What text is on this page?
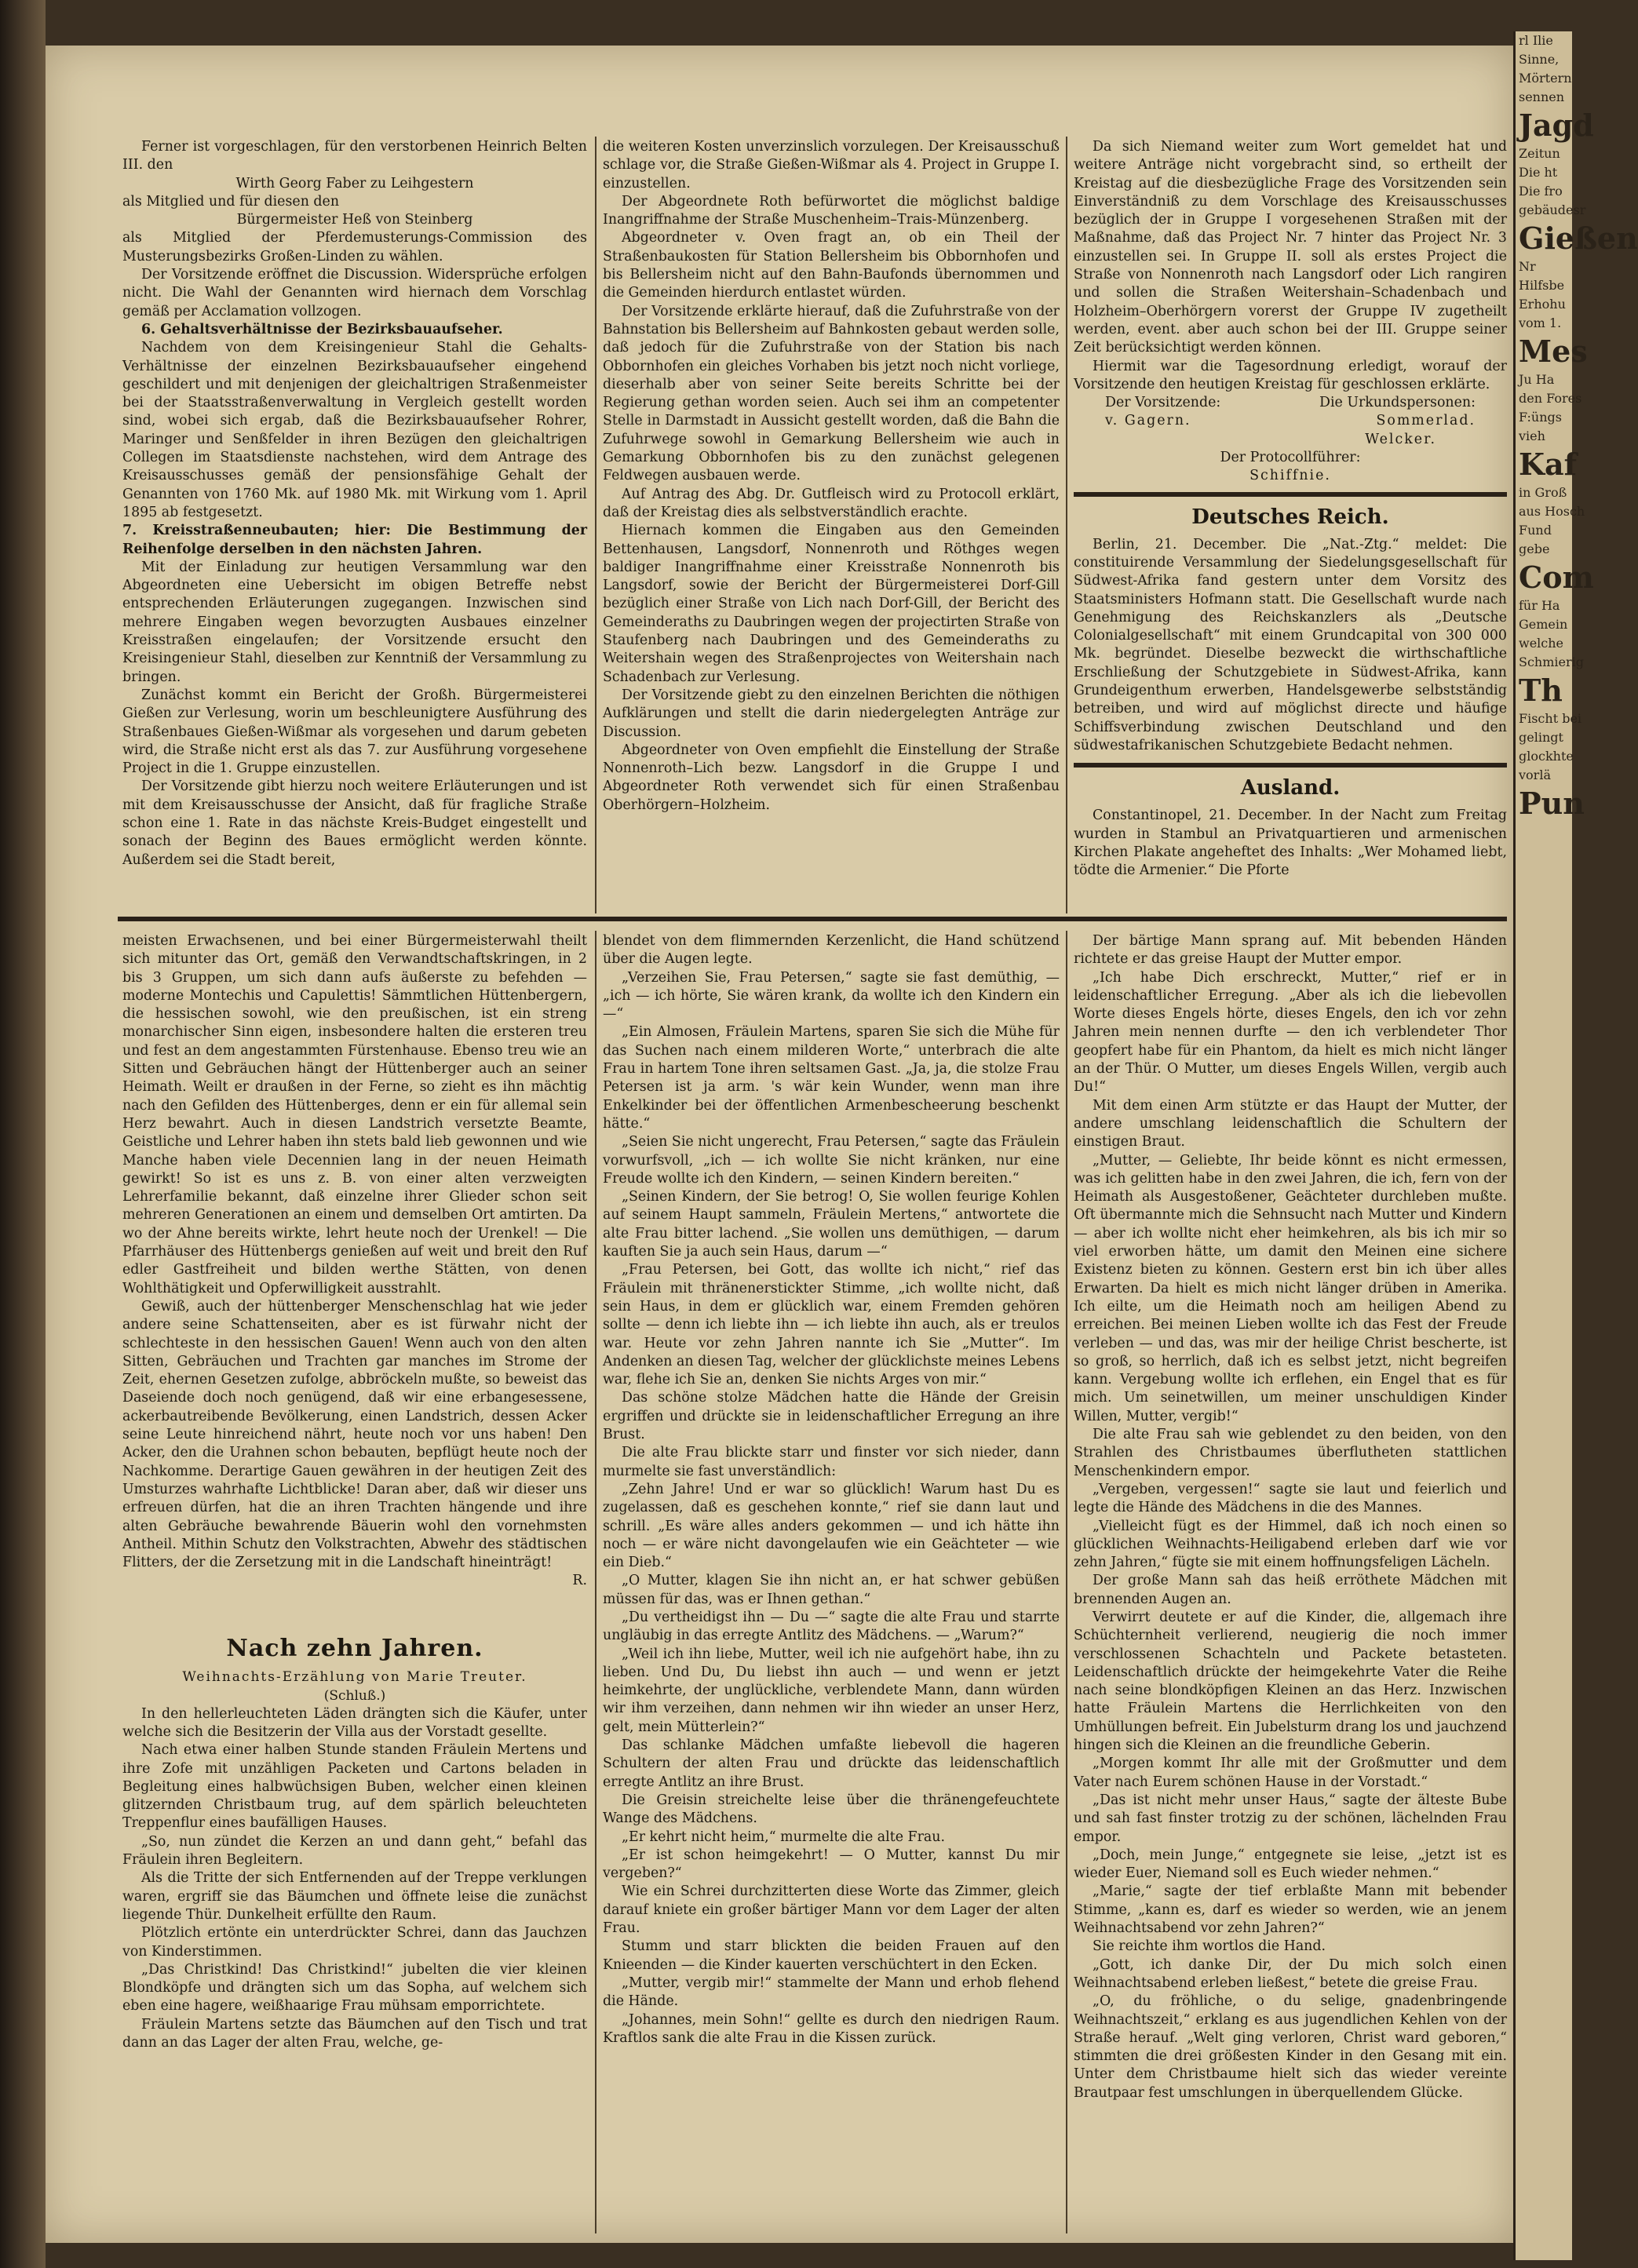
Ferner ist vorgeschlagen, für den verstorbenen Heinrich Belten III. den

Wirth Georg Faber zu Leihgestern

als Mitglied und für diesen den

Bürgermeister Heß von Steinberg

als Mitglied der Pferdemusterungs-Commission des Musterungsbezirks Großen-Linden zu wählen.

Der Vorsitzende eröffnet die Discussion. Widersprüche erfolgen nicht. Die Wahl der Genannten wird hiernach dem Vorschlag gemäß per Acclamation vollzogen.

6. Gehaltsverhältnisse der Bezirksbauaufseher.

Nachdem von dem Kreisingenieur Stahl die Gehalts-Verhältnisse der einzelnen Bezirksbauaufseher eingehend geschildert und mit denjenigen der gleichaltrigen Straßenmeister bei der Staatsstraßenverwaltung in Vergleich gestellt worden sind, wobei sich ergab, daß die Bezirksbauaufseher Rohrer, Maringer und Senßfelder in ihren Bezügen den gleichaltrigen Collegen im Staatsdienste nachstehen, wird dem Antrage des Kreisausschusses gemäß der pensionsfähige Gehalt der Genannten von 1760 Mk. auf 1980 Mk. mit Wirkung vom 1. April 1895 ab festgesetzt.

7. Kreisstraßenneubauten; hier: Die Bestimmung der Reihenfolge derselben in den nächsten Jahren.

Mit der Einladung zur heutigen Versammlung war den Abgeordneten eine Uebersicht im obigen Betreffe nebst entsprechenden Erläuterungen zugegangen. Inzwischen sind mehrere Eingaben wegen bevorzugten Ausbaues einzelner Kreisstraßen eingelaufen; der Vorsitzende ersucht den Kreisingenieur Stahl, dieselben zur Kenntniß der Versammlung zu bringen.

Zunächst kommt ein Bericht der Großh. Bürgermeisterei Gießen zur Verlesung, worin um beschleunigtere Ausführung des Straßenbaues Gießen-Wißmar als vorgesehen und darum gebeten wird, die Straße nicht erst als das 7. zur Ausführung vorgesehene Project in die 1. Gruppe einzustellen.

Der Vorsitzende gibt hierzu noch weitere Erläuterungen und ist mit dem Kreisausschusse der Ansicht, daß für fragliche Straße schon eine 1. Rate in das nächste Kreis-Budget eingestellt und sonach der Beginn des Baues ermöglicht werden könnte. Außerdem sei die Stadt bereit,

die weiteren Kosten unverzinslich vorzulegen. Der Kreisausschuß schlage vor, die Straße Gießen-Wißmar als 4. Project in Gruppe I. einzustellen.

Der Abgeordnete Roth befürwortet die möglichst baldige Inangriffnahme der Straße Muschenheim–Trais-Münzenberg.

Abgeordneter v. Oven fragt an, ob ein Theil der Straßenbaukosten für Station Bellersheim bis Obbornhofen und bis Bellersheim nicht auf den Bahn-Baufonds übernommen und die Gemeinden hierdurch entlastet würden.

Der Vorsitzende erklärte hierauf, daß die Zufuhrstraße von der Bahnstation bis Bellersheim auf Bahnkosten gebaut werden solle, daß jedoch für die Zufuhrstraße von der Station bis nach Obbornhofen ein gleiches Vorhaben bis jetzt noch nicht vorliege, dieserhalb aber von seiner Seite bereits Schritte bei der Regierung gethan worden seien. Auch sei ihm an competenter Stelle in Darmstadt in Aussicht gestellt worden, daß die Bahn die Zufuhrwege sowohl in Gemarkung Bellersheim wie auch in Gemarkung Obbornhofen bis zu den zunächst gelegenen Feldwegen ausbauen werde.

Auf Antrag des Abg. Dr. Gutfleisch wird zu Protocoll erklärt, daß der Kreistag dies als selbstverständlich erachte.

Hiernach kommen die Eingaben aus den Gemeinden Bettenhausen, Langsdorf, Nonnenroth und Röthges wegen baldiger Inangriffnahme einer Kreisstraße Nonnenroth bis Langsdorf, sowie der Bericht der Bürgermeisterei Dorf-Gill bezüglich einer Straße von Lich nach Dorf-Gill, der Bericht des Gemeinderaths zu Daubringen wegen der projectirten Straße von Staufenberg nach Daubringen und des Gemeinderaths zu Weitershain wegen des Straßenprojectes von Weitershain nach Schadenbach zur Verlesung.

Der Vorsitzende giebt zu den einzelnen Berichten die nöthigen Aufklärungen und stellt die darin niedergelegten Anträge zur Discussion.

Abgeordneter von Oven empfiehlt die Einstellung der Straße Nonnenroth–Lich bezw. Langsdorf in die Gruppe I und Abgeordneter Roth verwendet sich für einen Straßenbau Oberhörgern–Holzheim.

Da sich Niemand weiter zum Wort gemeldet hat und weitere Anträge nicht vorgebracht sind, so ertheilt der Kreistag auf die diesbezügliche Frage des Vorsitzenden sein Einverständniß zu dem Vorschlage des Kreisausschusses bezüglich der in Gruppe I vorgesehenen Straßen mit der Maßnahme, daß das Project Nr. 7 hinter das Project Nr. 3 einzustellen sei. In Gruppe II. soll als erstes Project die Straße von Nonnenroth nach Langsdorf oder Lich rangiren und sollen die Straßen Weitershain–Schadenbach und Holzheim–Oberhörgern vorerst der Gruppe IV zugetheilt werden, event. aber auch schon bei der III. Gruppe seiner Zeit berücksichtigt werden können.

Hiermit war die Tagesordnung erledigt, worauf der Vorsitzende den heutigen Kreistag für geschlossen erklärte.

Der Vorsitzende:	Die Urkundspersonen:
v. Gagern.	Sommerlad.
Welcker.

Der Protocollführer:

Schiffnie.

Deutsches Reich.

Berlin, 21. December. Die „Nat.-Ztg.“ meldet: Die constituirende Versammlung der Siedelungsgesellschaft für Südwest-Afrika fand gestern unter dem Vorsitz des Staatsministers Hofmann statt. Die Gesellschaft wurde nach Genehmigung des Reichskanzlers als „Deutsche Colonialgesellschaft“ mit einem Grundcapital von 300 000 Mk. begründet. Dieselbe bezweckt die wirthschaftliche Erschließung der Schutzgebiete in Südwest-Afrika, kann Grundeigenthum erwerben, Handelsgewerbe selbstständig betreiben, und wird auf möglichst directe und häufige Schiffsverbindung zwischen Deutschland und den südwestafrikanischen Schutzgebiete Bedacht nehmen.

Ausland.

Constantinopel, 21. December. In der Nacht zum Freitag wurden in Stambul an Privatquartieren und armenischen Kirchen Plakate angeheftet des Inhalts: „Wer Mohamed liebt, tödte die Armenier.“ Die Pforte

meisten Erwachsenen, und bei einer Bürgermeisterwahl theilt sich mitunter das Ort, gemäß den Verwandtschaftskringen, in 2 bis 3 Gruppen, um sich dann aufs äußerste zu befehden — moderne Montechis und Capulettis! Sämmtlichen Hüttenbergern, die hessischen sowohl, wie den preußischen, ist ein streng monarchischer Sinn eigen, insbesondere halten die ersteren treu und fest an dem angestammten Fürstenhause. Ebenso treu wie an Sitten und Gebräuchen hängt der Hüttenberger auch an seiner Heimath. Weilt er draußen in der Ferne, so zieht es ihn mächtig nach den Gefilden des Hüttenberges, denn er ein für allemal sein Herz bewahrt. Auch in diesen Landstrich versetzte Beamte, Geistliche und Lehrer haben ihn stets bald lieb gewonnen und wie Manche haben viele Decennien lang in der neuen Heimath gewirkt! So ist es uns z. B. von einer alten verzweigten Lehrerfamilie bekannt, daß einzelne ihrer Glieder schon seit mehreren Generationen an einem und demselben Ort amtirten. Da wo der Ahne bereits wirkte, lehrt heute noch der Urenkel! — Die Pfarrhäuser des Hüttenbergs genießen auf weit und breit den Ruf edler Gastfreiheit und bilden werthe Stätten, von denen Wohlthätigkeit und Opferwilligkeit ausstrahlt.

Gewiß, auch der hüttenberger Menschenschlag hat wie jeder andere seine Schattenseiten, aber es ist fürwahr nicht der schlechteste in den hessischen Gauen! Wenn auch von den alten Sitten, Gebräuchen und Trachten gar manches im Strome der Zeit, ehernen Gesetzen zufolge, abbröckeln mußte, so beweist das Daseiende doch noch genügend, daß wir eine erbangesessene, ackerbautreibende Bevölkerung, einen Landstrich, dessen Acker seine Leute hinreichend nährt, heute noch vor uns haben! Den Acker, den die Urahnen schon bebauten, bepflügt heute noch der Nachkomme. Derartige Gauen gewähren in der heutigen Zeit des Umsturzes wahrhafte Lichtblicke! Daran aber, daß wir dieser uns erfreuen dürfen, hat die an ihren Trachten hängende und ihre alten Gebräuche bewahrende Bäuerin wohl den vornehmsten Antheil. Mithin Schutz den Volkstrachten, Abwehr des städtischen Flitters, der die Zersetzung mit in die Landschaft hineinträgt!

R.

Nach zehn Jahren.
Weihnachts-Erzählung von Marie Treuter.
(Schluß.)

In den hellerleuchteten Läden drängten sich die Käufer, unter welche sich die Besitzerin der Villa aus der Vorstadt gesellte.

Nach etwa einer halben Stunde standen Fräulein Mertens und ihre Zofe mit unzähligen Packeten und Cartons beladen in Begleitung eines halbwüchsigen Buben, welcher einen kleinen glitzernden Christbaum trug, auf dem spärlich beleuchteten Treppenflur eines baufälligen Hauses.

„So, nun zündet die Kerzen an und dann geht,“ befahl das Fräulein ihren Begleitern.

Als die Tritte der sich Entfernenden auf der Treppe verklungen waren, ergriff sie das Bäumchen und öffnete leise die zunächst liegende Thür. Dunkelheit erfüllte den Raum.

Plötzlich ertönte ein unterdrückter Schrei, dann das Jauchzen von Kinderstimmen.

„Das Christkind! Das Christkind!“ jubelten die vier kleinen Blondköpfe und drängten sich um das Sopha, auf welchem sich eben eine hagere, weißhaarige Frau mühsam emporrichtete.

Fräulein Martens setzte das Bäumchen auf den Tisch und trat dann an das Lager der alten Frau, welche, ge-

blendet von dem flimmernden Kerzenlicht, die Hand schützend über die Augen legte.

„Verzeihen Sie, Frau Petersen,“ sagte sie fast demüthig, — „ich — ich hörte, Sie wären krank, da wollte ich den Kindern ein —“

„Ein Almosen, Fräulein Martens, sparen Sie sich die Mühe für das Suchen nach einem milderen Worte,“ unterbrach die alte Frau in hartem Tone ihren seltsamen Gast. „Ja, ja, die stolze Frau Petersen ist ja arm. 's wär kein Wunder, wenn man ihre Enkelkinder bei der öffentlichen Armenbescheerung beschenkt hätte.“

„Seien Sie nicht ungerecht, Frau Petersen,“ sagte das Fräulein vorwurfsvoll, „ich — ich wollte Sie nicht kränken, nur eine Freude wollte ich den Kindern, — seinen Kindern bereiten.“

„Seinen Kindern, der Sie betrog! O, Sie wollen feurige Kohlen auf seinem Haupt sammeln, Fräulein Mertens,“ antwortete die alte Frau bitter lachend. „Sie wollen uns demüthigen, — darum kauften Sie ja auch sein Haus, darum —“

„Frau Petersen, bei Gott, das wollte ich nicht,“ rief das Fräulein mit thränenerstickter Stimme, „ich wollte nicht, daß sein Haus, in dem er glücklich war, einem Fremden gehören sollte — denn ich liebte ihn — ich liebte ihn auch, als er treulos war. Heute vor zehn Jahren nannte ich Sie „Mutter“. Im Andenken an diesen Tag, welcher der glücklichste meines Lebens war, flehe ich Sie an, denken Sie nichts Arges von mir.“

Das schöne stolze Mädchen hatte die Hände der Greisin ergriffen und drückte sie in leidenschaftlicher Erregung an ihre Brust.

Die alte Frau blickte starr und finster vor sich nieder, dann murmelte sie fast unverständlich:

„Zehn Jahre! Und er war so glücklich! Warum hast Du es zugelassen, daß es geschehen konnte,“ rief sie dann laut und schrill. „Es wäre alles anders gekommen — und ich hätte ihn noch — er wäre nicht davongelaufen wie ein Geächteter — wie ein Dieb.“

„O Mutter, klagen Sie ihn nicht an, er hat schwer gebüßen müssen für das, was er Ihnen gethan.“

„Du vertheidigst ihn — Du —“ sagte die alte Frau und starrte ungläubig in das erregte Antlitz des Mädchens. — „Warum?“

„Weil ich ihn liebe, Mutter, weil ich nie aufgehört habe, ihn zu lieben. Und Du, Du liebst ihn auch — und wenn er jetzt heimkehrte, der unglückliche, verblendete Mann, dann würden wir ihm verzeihen, dann nehmen wir ihn wieder an unser Herz, gelt, mein Mütterlein?“

Das schlanke Mädchen umfaßte liebevoll die hageren Schultern der alten Frau und drückte das leidenschaftlich erregte Antlitz an ihre Brust.

Die Greisin streichelte leise über die thränengefeuchtete Wange des Mädchens.

„Er kehrt nicht heim,“ murmelte die alte Frau.

„Er ist schon heimgekehrt! — O Mutter, kannst Du mir vergeben?“

Wie ein Schrei durchzitterten diese Worte das Zimmer, gleich darauf kniete ein großer bärtiger Mann vor dem Lager der alten Frau.

Stumm und starr blickten die beiden Frauen auf den Knieenden — die Kinder kauerten verschüchtert in den Ecken.

„Mutter, vergib mir!“ stammelte der Mann und erhob flehend die Hände.

„Johannes, mein Sohn!“ gellte es durch den niedrigen Raum. Kraftlos sank die alte Frau in die Kissen zurück.

Der bärtige Mann sprang auf. Mit bebenden Händen richtete er das greise Haupt der Mutter empor.

„Ich habe Dich erschreckt, Mutter,“ rief er in leidenschaftlicher Erregung. „Aber als ich die liebevollen Worte dieses Engels hörte, dieses Engels, den ich vor zehn Jahren mein nennen durfte — den ich verblendeter Thor geopfert habe für ein Phantom, da hielt es mich nicht länger an der Thür. O Mutter, um dieses Engels Willen, vergib auch Du!“

Mit dem einen Arm stützte er das Haupt der Mutter, der andere umschlang leidenschaftlich die Schultern der einstigen Braut.

„Mutter, — Geliebte, Ihr beide könnt es nicht ermessen, was ich gelitten habe in den zwei Jahren, die ich, fern von der Heimath als Ausgestoßener, Geächteter durchleben mußte. Oft übermannte mich die Sehnsucht nach Mutter und Kindern — aber ich wollte nicht eher heimkehren, als bis ich mir so viel erworben hätte, um damit den Meinen eine sichere Existenz bieten zu können. Gestern erst bin ich über alles Erwarten. Da hielt es mich nicht länger drüben in Amerika. Ich eilte, um die Heimath noch am heiligen Abend zu erreichen. Bei meinen Lieben wollte ich das Fest der Freude verleben — und das, was mir der heilige Christ bescherte, ist so groß, so herrlich, daß ich es selbst jetzt, nicht begreifen kann. Vergebung wollte ich erflehen, ein Engel that es für mich. Um seinetwillen, um meiner unschuldigen Kinder Willen, Mutter, vergib!“

Die alte Frau sah wie geblendet zu den beiden, von den Strahlen des Christbaumes überflutheten stattlichen Menschenkindern empor.

„Vergeben, vergessen!“ sagte sie laut und feierlich und legte die Hände des Mädchens in die des Mannes.

„Vielleicht fügt es der Himmel, daß ich noch einen so glücklichen Weihnachts-Heiligabend erleben darf wie vor zehn Jahren,“ fügte sie mit einem hoffnungsfeligen Lächeln.

Der große Mann sah das heiß erröthete Mädchen mit brennenden Augen an.

Verwirrt deutete er auf die Kinder, die, allgemach ihre Schüchternheit verlierend, neugierig die noch immer verschlossenen Schachteln und Packete betasteten. Leidenschaftlich drückte der heimgekehrte Vater die Reihe nach seine blondköpfigen Kleinen an das Herz. Inzwischen hatte Fräulein Martens die Herrlichkeiten von den Umhüllungen befreit. Ein Jubelsturm drang los und jauchzend hingen sich die Kleinen an die freundliche Geberin.

„Morgen kommt Ihr alle mit der Großmutter und dem Vater nach Eurem schönen Hause in der Vorstadt.“

„Das ist nicht mehr unser Haus,“ sagte der älteste Bube und sah fast finster trotzig zu der schönen, lächelnden Frau empor.

„Doch, mein Junge,“ entgegnete sie leise, „jetzt ist es wieder Euer, Niemand soll es Euch wieder nehmen.“

„Marie,“ sagte der tief erblaßte Mann mit bebender Stimme, „kann es, darf es wieder so werden, wie an jenem Weihnachtsabend vor zehn Jahren?“

Sie reichte ihm wortlos die Hand.

„Gott, ich danke Dir, der Du mich solch einen Weihnachtsabend erleben ließest,“ betete die greise Frau.

„O, du fröhliche, o du selige, gnadenbringende Weihnachtszeit,“ erklang es aus jugendlichen Kehlen von der Straße herauf. „Welt ging verloren, Christ ward geboren,“ stimmten die drei größesten Kinder in den Gesang mit ein. Unter dem Christbaume hielt sich das wieder vereinte Brautpaar fest umschlungen in überquellendem Glücke.

rl Ilie
Sinne,
Mörtern
sennen
Jagd
Zeitun
Die ht
Die fro
gebäudesr
Gießen
Nr
Hilfsbe
Erhohu
vom 1.
Mes
Ju Ha
den Fores
F:üngs
vieh
Kaf
in Groß
aus Hosch
Fund
gebe
Com
für Ha
Gemein
welche
Schmierig
Th
Fischt bei
gelingt
glockhte
vorlä
Pun
